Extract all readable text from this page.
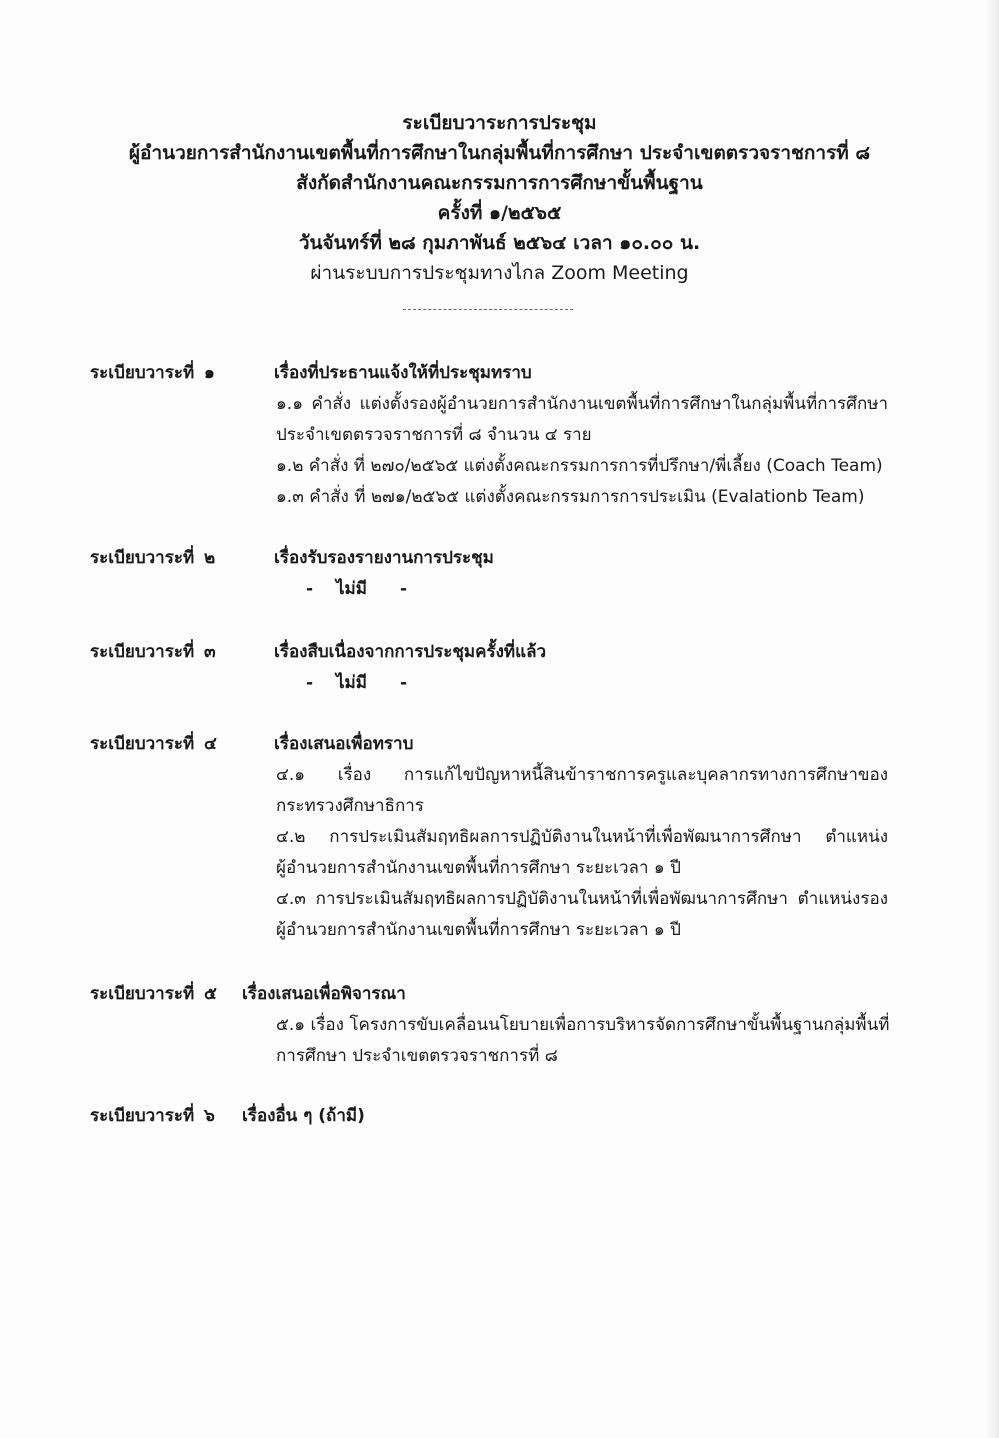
ระเบียบวาระการประชุม
ผู้อำนวยการสำนักงานเขตพื้นที่การศึกษาในกลุ่มพื้นที่การศึกษา ประจำเขตตรวจราชการที่ ๘
สังกัดสำนักงานคณะกรรมการการศึกษาขั้นพื้นฐาน
ครั้งที่ ๑/๒๕๖๕
วันจันทร์ที่ ๒๘ กุมภาพันธ์ ๒๕๖๔ เวลา ๑๐.๐๐ น.
ผ่านระบบการประชุมทางไกล Zoom Meeting
ระเบียบวาระที่ ๑	เรื่องที่ประธานแจ้งให้ที่ประชุมทราบ
๑.๑ คำสั่ง แต่งตั้งรองผู้อำนวยการสำนักงานเขตพื้นที่การศึกษาในกลุ่มพื้นที่การศึกษา
ประจำเขตตรวจราชการที่ ๘ จำนวน ๔ ราย
๑.๒ คำสั่ง ที่ ๒๗๐/๒๕๖๕ แต่งตั้งคณะกรรมการการที่ปรึกษา/พี่เลี้ยง (Coach Team)
๑.๓ คำสั่ง ที่ ๒๗๑/๒๕๖๕ แต่งตั้งคณะกรรมการการประเมิน (Evalationb Team)
ระเบียบวาระที่ ๒	เรื่องรับรองรายงานการประชุม
- ไม่มี -
ระเบียบวาระที่ ๓	เรื่องสืบเนื่องจากการประชุมครั้งที่แล้ว
- ไม่มี -
ระเบียบวาระที่ ๔	เรื่องเสนอเพื่อทราบ
๔.๑ เรื่อง การแก้ไขปัญหาหนี้สินข้าราชการครูและบุคลากรทางการศึกษาของ
กระทรวงศึกษาธิการ
๔.๒ การประเมินสัมฤทธิผลการปฏิบัติงานในหน้าที่เพื่อพัฒนาการศึกษา ตำแหน่ง
ผู้อำนวยการสำนักงานเขตพื้นที่การศึกษา ระยะเวลา ๑ ปี
๔.๓ การประเมินสัมฤทธิผลการปฏิบัติงานในหน้าที่เพื่อพัฒนาการศึกษา ตำแหน่งรอง
ผู้อำนวยการสำนักงานเขตพื้นที่การศึกษา ระยะเวลา ๑ ปี
ระเบียบวาระที่ ๕	เรื่องเสนอเพื่อพิจารณา
๕.๑ เรื่อง โครงการขับเคลื่อนนโยบายเพื่อการบริหารจัดการศึกษาขั้นพื้นฐานกลุ่มพื้นที่
การศึกษา ประจำเขตตรวจราชการที่ ๘
ระเบียบวาระที่ ๖	เรื่องอื่น ๆ (ถ้ามี)
